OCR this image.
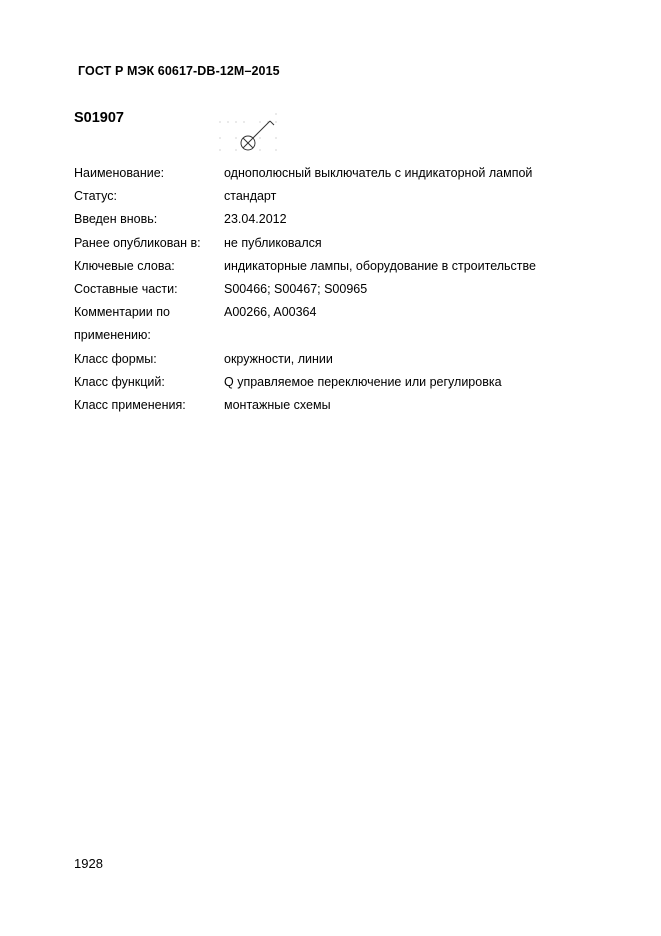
ГОСТ Р МЭК 60617-DB-12M–2015
S01907
Наименование:	однополюсный выключатель с индикаторной лампой
Статус:	стандарт
Введен вновь:	23.04.2012
Ранее опубликован в:	не публиковался
Ключевые слова:	индикаторные лампы, оборудование в строительстве
Составные части:	S00466; S00467; S00965
Комментарии по применению:
A00266, A00364
Класс формы:	окружности, линии
Класс функций:	Q управляемое переключение или регулировка
Класс применения:	монтажные схемы
1928
